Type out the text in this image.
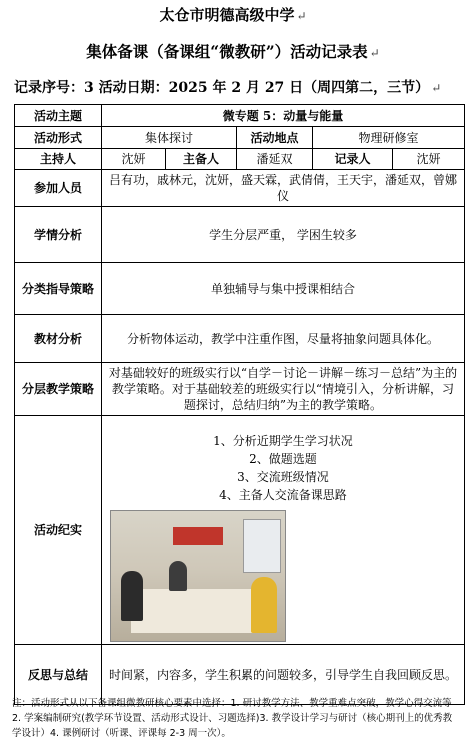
太仓市明德高级中学 ↵
集体备课（备课组“微教研”）活动记录表 ↵
记录序号：3 活动日期：2025 年 2 月 27 日（周四第二，三节） ↵
活动主题	微专题 5：动量与能量				
活动形式	集体探讨		活动地点	物理研修室	
主持人	沈妍	主备人	潘延双	记录人	沈妍
参加人员	吕有功，戚林元，沈妍，盛天霖，武倩倩，王天宇，潘延双，曾娜仪				
学情分析	学生分层严重， 学困生较多				
分类指导策略	单独辅导与集中授课相结合				
教材分析	分析物体运动，教学中注重作图，尽量将抽象问题具体化。				
分层教学策略	对基础较好的班级实行以“自学－讨论－讲解－练习－总结”为主的教学策略。对于基础较差的班级实行以“情境引入，分析讲解，习题探讨，总结归纳”为主的教学策略。				
活动纪实	1、分析近期学生学习状况
2、做题选题
3、交流班级情况
4、主备人交流备课思路				

反思与总结	时间紧，内容多，学生积累的问题较多，引导学生自我回顾反思。				
注：活动形式从以下备课组微教研核心要素中选择：1. 研讨教学方法、教学重难点突破，教学心得交流等 2. 学案编制研究(教学环节设置、活动形式设计、习题选择)3. 教学设计学习与研讨（核心期刊上的优秀教学设计）4. 课例研讨（听课、评课每 2-3 周一次）。
